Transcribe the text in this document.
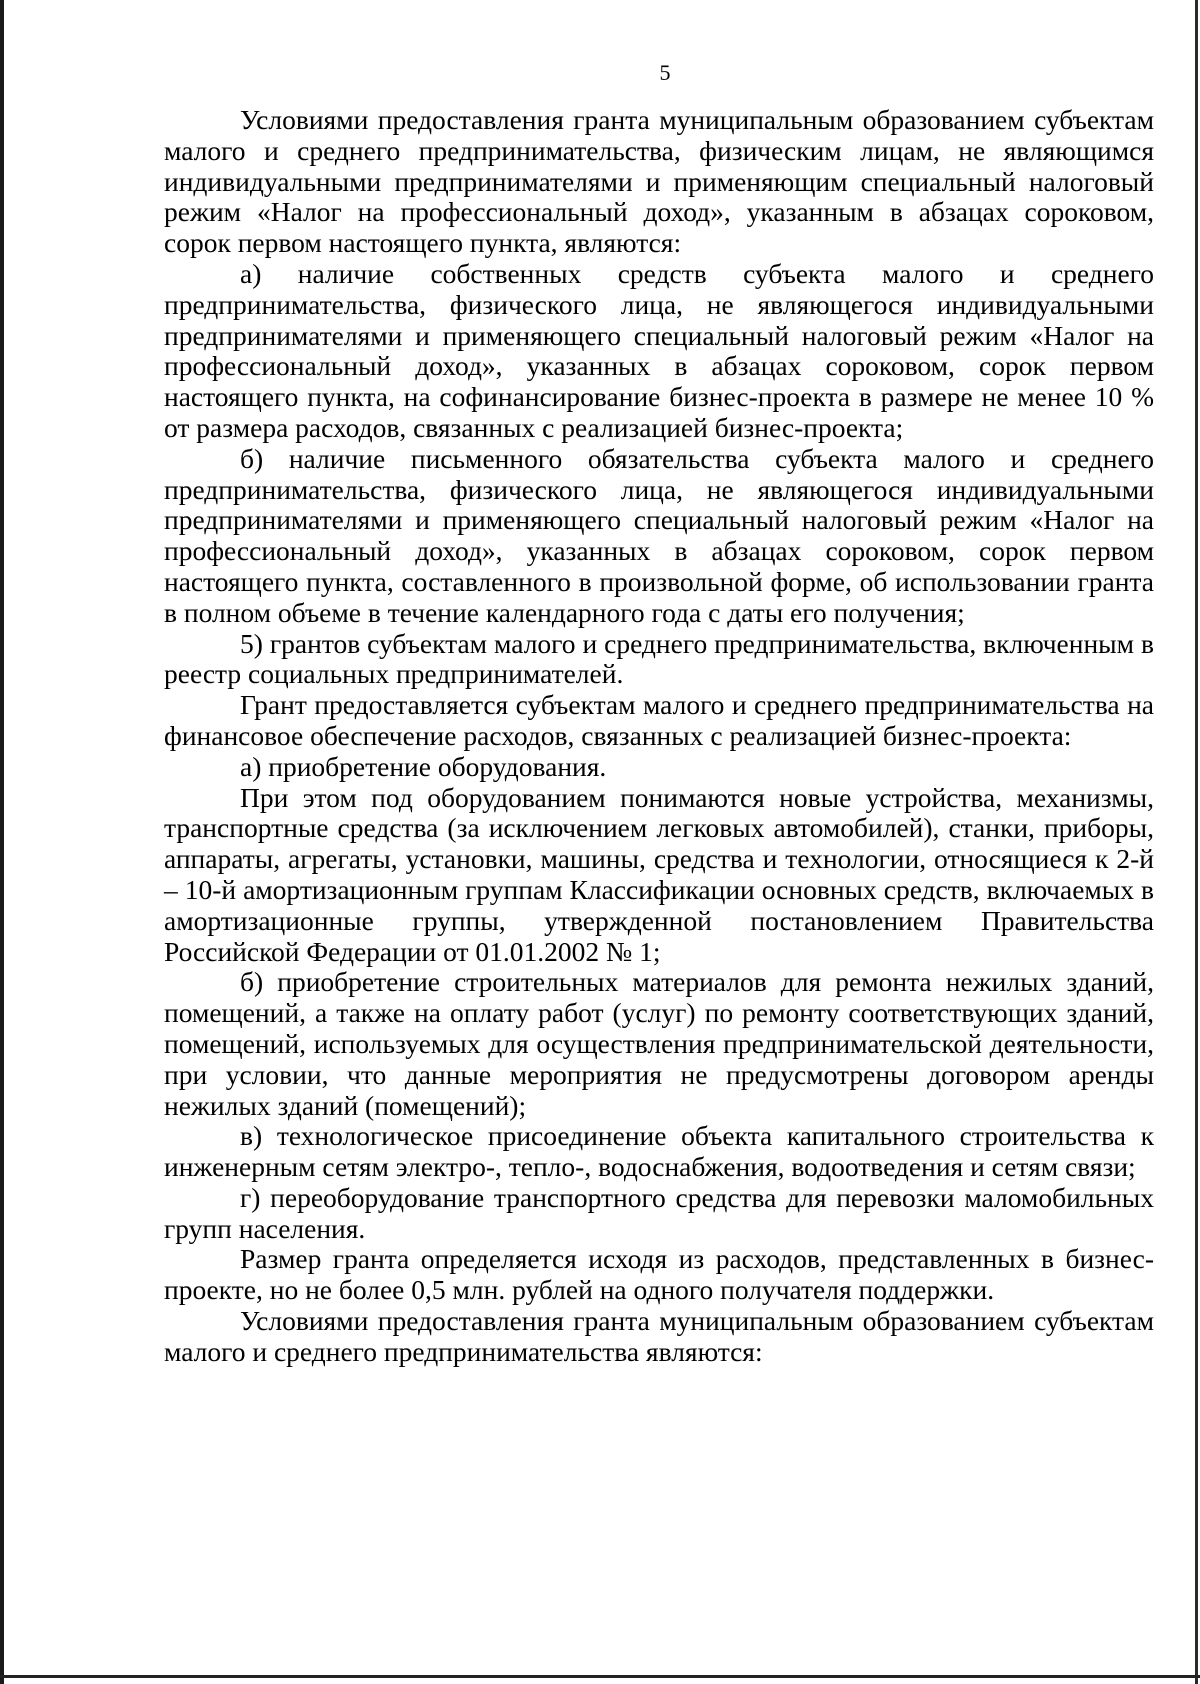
5

Условиями предоставления гранта муниципальным образованием субъектам малого и среднего предпринимательства, физическим лицам, не являющимся индивидуальными предпринимателями и применяющим специальный налоговый режим «Налог на профессиональный доход», указанным в абзацах сороковом, сорок первом настоящего пункта, являются:

а) наличие собственных средств субъекта малого и среднего предпринимательства, физического лица, не являющегося индивидуальными предпринимателями и применяющего специальный налоговый режим «Налог на профессиональный доход», указанных в абзацах сороковом, сорок первом настоящего пункта, на софинансирование бизнес-проекта в размере не менее 10 % от размера расходов, связанных с реализацией бизнес-проекта;

б) наличие письменного обязательства субъекта малого и среднего предпринимательства, физического лица, не являющегося индивидуальными предпринимателями и применяющего специальный налоговый режим «Налог на профессиональный доход», указанных в абзацах сороковом, сорок первом настоящего пункта, составленного в произвольной форме, об использовании гранта в полном объеме в течение календарного года с даты его получения;

5) грантов субъектам малого и среднего предпринимательства, включенным в реестр социальных предпринимателей.

Грант предоставляется субъектам малого и среднего предпринимательства на финансовое обеспечение расходов, связанных с реализацией бизнес-проекта:

а) приобретение оборудования.

При этом под оборудованием понимаются новые устройства, механизмы, транспортные средства (за исключением легковых автомобилей), станки, приборы, аппараты, агрегаты, установки, машины, средства и технологии, относящиеся к 2-й – 10-й амортизационным группам Классификации основных средств, включаемых в амортизационные группы, утвержденной постановлением Правительства Российской Федерации от 01.01.2002 № 1;

б) приобретение строительных материалов для ремонта нежилых зданий, помещений, а также на оплату работ (услуг) по ремонту соответствующих зданий, помещений, используемых для осуществления предпринимательской деятельности, при условии, что данные мероприятия не предусмотрены договором аренды нежилых зданий (помещений);

в) технологическое присоединение объекта капитального строительства к инженерным сетям электро-, тепло-, водоснабжения, водоотведения и сетям связи;

г) переоборудование транспортного средства для перевозки маломобильных групп населения.

Размер гранта определяется исходя из расходов, представленных в бизнес-проекте, но не более 0,5 млн. рублей на одного получателя поддержки.

Условиями предоставления гранта муниципальным образованием субъектам малого и среднего предпринимательства являются:
